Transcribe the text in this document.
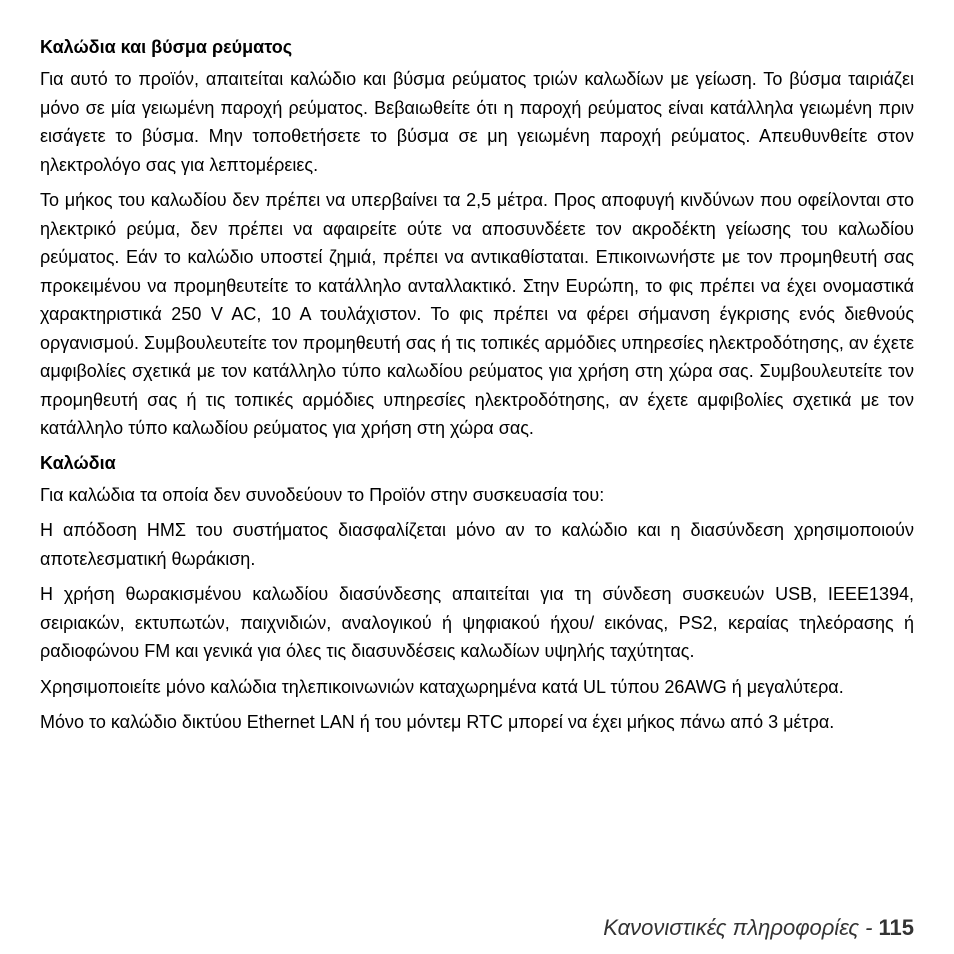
Καλώδια και βύσμα ρεύματος

Για αυτό το προϊόν, απαιτείται καλώδιο και βύσμα ρεύματος τριών καλωδίων με γείωση. Το βύσμα ταιριάζει μόνο σε μία γειωμένη παροχή ρεύματος. Βεβαιωθείτε ότι η παροχή ρεύματος είναι κατάλληλα γειωμένη πριν εισάγετε το βύσμα. Μην τοποθετήσετε το βύσμα σε μη γειωμένη παροχή ρεύματος. Απευθυνθείτε στον ηλεκτρολόγο σας για λεπτομέρειες.

Το μήκος του καλωδίου δεν πρέπει να υπερβαίνει τα 2,5 μέτρα. Προς αποφυγή κινδύνων που οφείλονται στο ηλεκτρικό ρεύμα, δεν πρέπει να αφαιρείτε ούτε να αποσυνδέετε τον ακροδέκτη γείωσης του καλωδίου ρεύματος. Εάν το καλώδιο υποστεί ζημιά, πρέπει να αντικαθίσταται. Επικοινωνήστε με τον προμηθευτή σας προκειμένου να προμηθευτείτε το κατάλληλο ανταλλακτικό. Στην Ευρώπη, το φις πρέπει να έχει ονομαστικά χαρακτηριστικά 250 V AC, 10 A τουλάχιστον. Το φις πρέπει να φέρει σήμανση έγκρισης ενός διεθνούς οργανισμού. Συμβουλευτείτε τον προμηθευτή σας ή τις τοπικές αρμόδιες υπηρεσίες ηλεκτροδότησης, αν έχετε αμφιβολίες σχετικά με τον κατάλληλο τύπο καλωδίου ρεύματος για χρήση στη χώρα σας. Συμβουλευτείτε τον προμηθευτή σας ή τις τοπικές αρμόδιες υπηρεσίες ηλεκτροδότησης, αν έχετε αμφιβολίες σχετικά με τον κατάλληλο τύπο καλωδίου ρεύματος για χρήση στη χώρα σας.

Καλώδια

Για καλώδια τα οποία δεν συνοδεύουν το Προϊόν στην συσκευασία του:

Η απόδοση ΗΜΣ του συστήματος διασφαλίζεται μόνο αν το καλώδιο και η διασύνδεση χρησιμοποιούν αποτελεσματική θωράκιση.

Η χρήση θωρακισμένου καλωδίου διασύνδεσης απαιτείται για τη σύνδεση συσκευών USB, IEEE1394, σειριακών, εκτυπωτών, παιχνιδιών, αναλογικού ή ψηφιακού ήχου/ εικόνας, PS2, κεραίας τηλεόρασης ή ραδιοφώνου FM και γενικά για όλες τις διασυνδέσεις καλωδίων υψηλής ταχύτητας.

Χρησιμοποιείτε μόνο καλώδια τηλεπικοινωνιών καταχωρημένα κατά UL τύπου 26AWG ή μεγαλύτερα.

Μόνο το καλώδιο δικτύου Ethernet LAN ή του μόντεμ RTC μπορεί να έχει μήκος πάνω από 3 μέτρα.

Κανονιστικές πληροφορίες - 115
